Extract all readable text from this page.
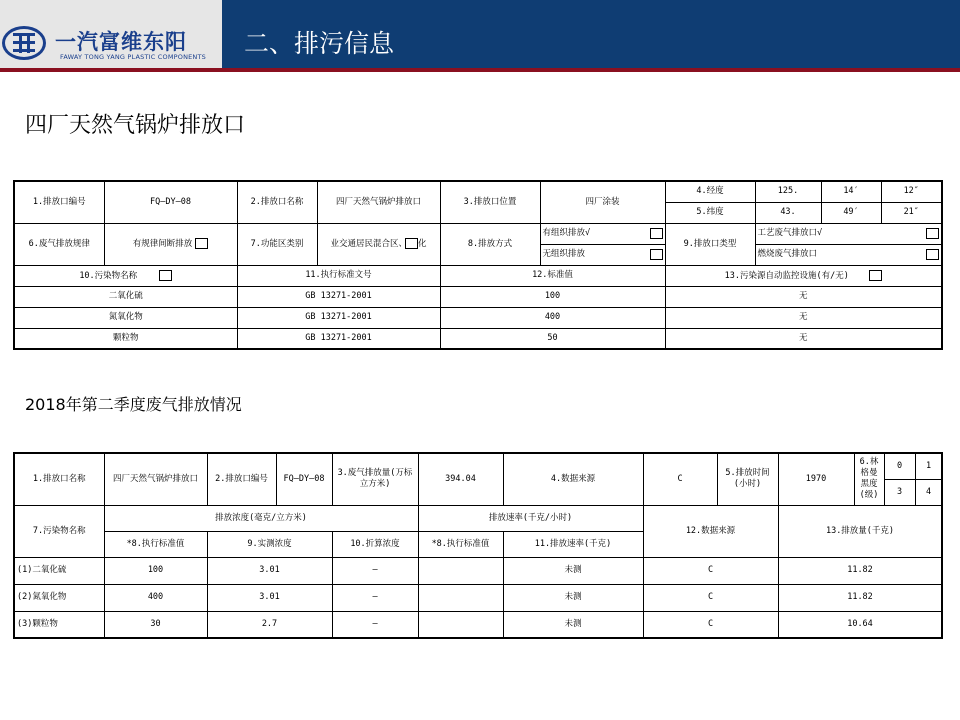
一汽富维东阳
FAWAY TONG YANG PLASTIC COMPONENTS 二、排污信息
四厂天然气锅炉排放口
1.排放口编号	FQ—DY—08	2.排放口名称	四厂天然气锅炉排放口	3.排放口位置	四厂涂装	4.经度	125.	14′	12″
						5.纬度	43.	49′	21″
6.废气排放规律	有规律间断排放	7.功能区类别	业交通居民混合区、 化	8.排放方式	有组织排放√	9.排放口类型	工艺废气排放口√		

					无组织排放		燃烧废气排放口		

10.污染物名称		11.执行标准文号		12.标准值		13.污染源自动监控设施(有/无)			
二氧化硫		GB 13271-2001		100		无			
氮氧化物		GB 13271-2001		400		无			
颗粒物		GB 13271-2001		50		无			
2018年第二季度废气排放情况
1.排放口名称	四厂天然气锅炉排放口	2.排放口编号	FQ—DY—08	3.废气排放量(万标立方米)	394.04	4.数据来源	C	5.排放时间(小时)	1970	6.林格曼黑度(级)	0	1	
											3	4	
7.污染物名称	排放浓度(毫克/立方米)				排放速率(千克/小时)		12.数据来源		13.排放量(千克)				
	*8.执行标准值	9.实测浓度		10.折算浓度	*8.执行标准值	11.排放速率(千克)							
(1)二氧化硫	100	3.01		–		未测	C		11.82				
(2)氮氧化物	400	3.01		–		未测	C		11.82				
(3)颗粒物	30	2.7		–		未测	C		10.64				
